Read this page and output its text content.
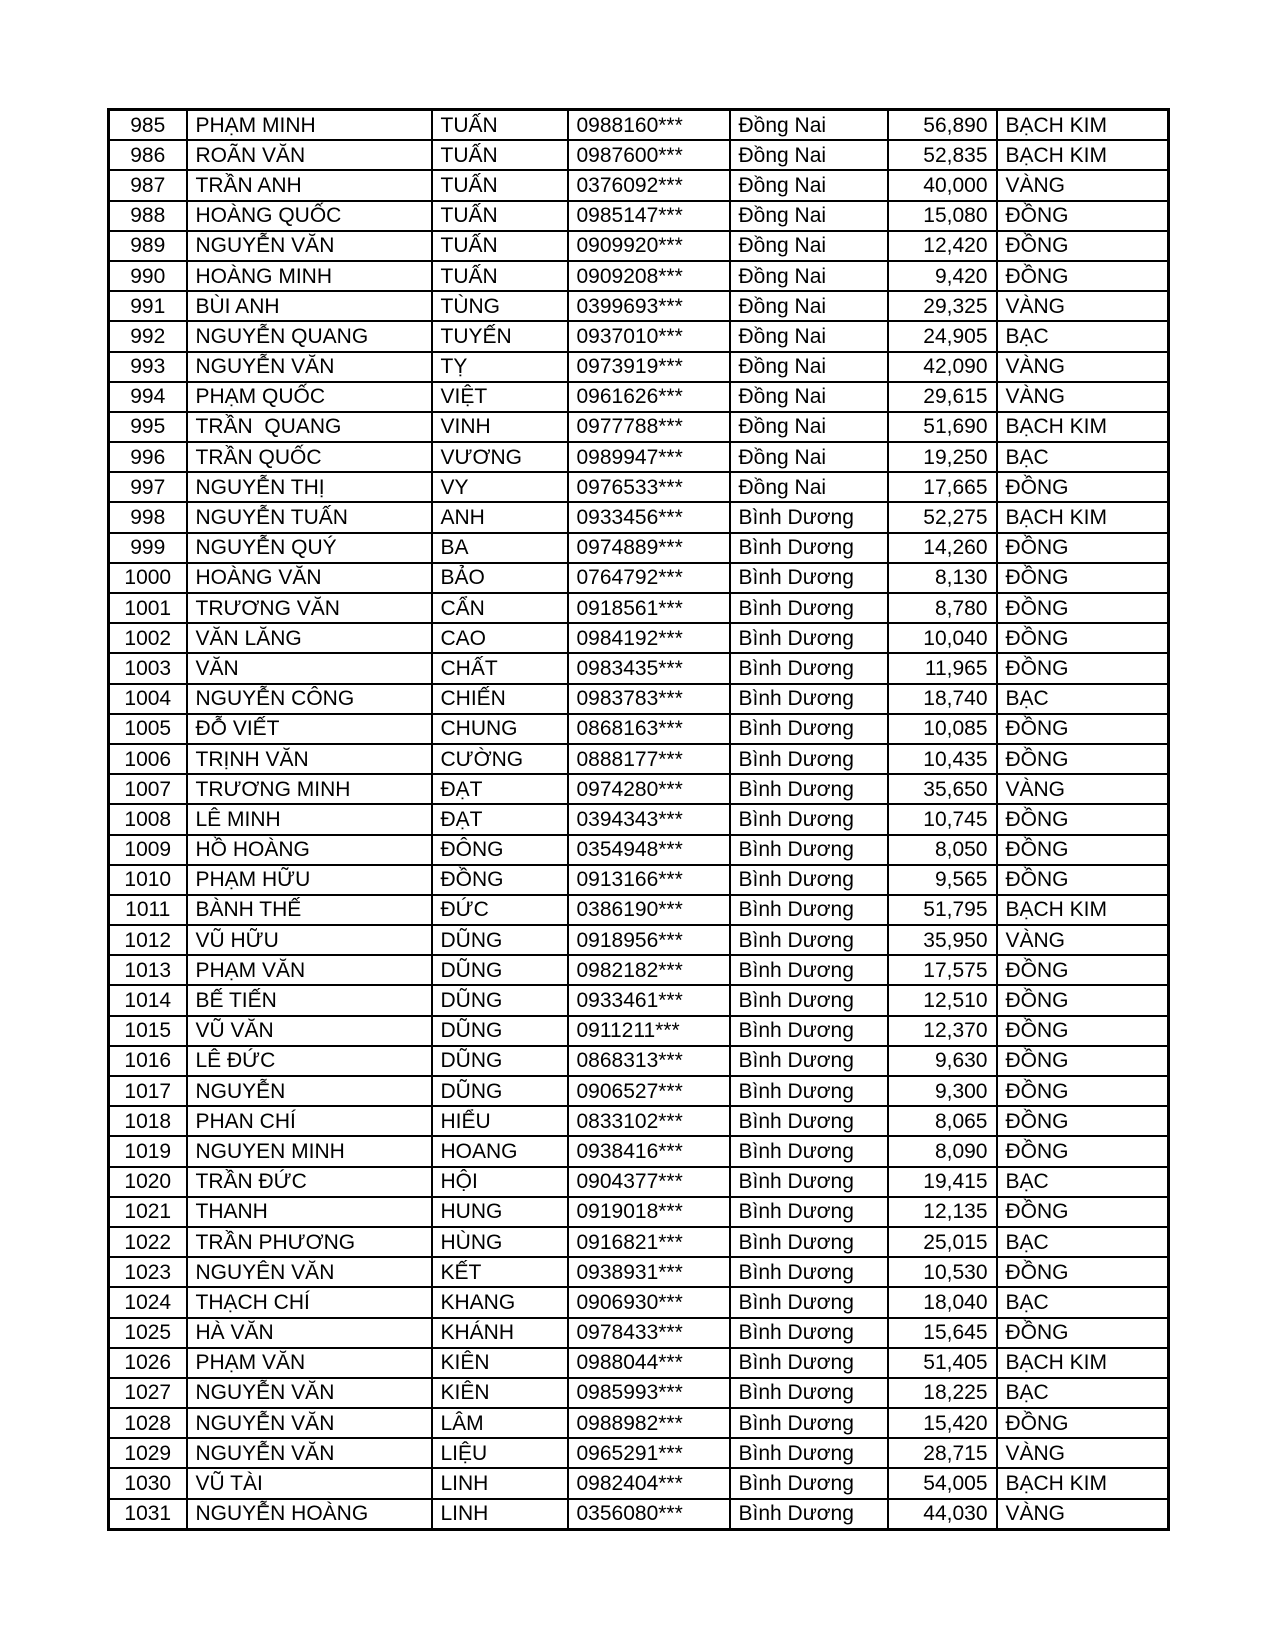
985	PHẠM MINH	TUẤN	0988160***	Đồng Nai	56,890	BẠCH KIM
986	ROÃN VĂN	TUẤN	0987600***	Đồng Nai	52,835	BẠCH KIM
987	TRẦN ANH	TUẤN	0376092***	Đồng Nai	40,000	VÀNG
988	HOÀNG QUỐC	TUẤN	0985147***	Đồng Nai	15,080	ĐỒNG
989	NGUYỄN VĂN	TUẤN	0909920***	Đồng Nai	12,420	ĐỒNG
990	HOÀNG MINH	TUẤN	0909208***	Đồng Nai	9,420	ĐỒNG
991	BÙI ANH	TÙNG	0399693***	Đồng Nai	29,325	VÀNG
992	NGUYỄN QUANG	TUYẾN	0937010***	Đồng Nai	24,905	BẠC
993	NGUYỄN VĂN	TỴ	0973919***	Đồng Nai	42,090	VÀNG
994	PHẠM QUỐC	VIỆT	0961626***	Đồng Nai	29,615	VÀNG
995	TRẦN  QUANG	VINH	0977788***	Đồng Nai	51,690	BẠCH KIM
996	TRẦN QUỐC	VƯƠNG	0989947***	Đồng Nai	19,250	BẠC
997	NGUYỄN THỊ	VY	0976533***	Đồng Nai	17,665	ĐỒNG
998	NGUYỄN TUẤN	ANH	0933456***	Bình Dương	52,275	BẠCH KIM
999	NGUYỄN QUÝ	BA	0974889***	Bình Dương	14,260	ĐỒNG
1000	HOÀNG VĂN	BẢO	0764792***	Bình Dương	8,130	ĐỒNG
1001	TRƯƠNG VĂN	CẨN	0918561***	Bình Dương	8,780	ĐỒNG
1002	VĂN LĂNG	CAO	0984192***	Bình Dương	10,040	ĐỒNG
1003	VĂN	CHẤT	0983435***	Bình Dương	11,965	ĐỒNG
1004	NGUYỄN CÔNG	CHIẾN	0983783***	Bình Dương	18,740	BẠC
1005	ĐỖ VIẾT	CHUNG	0868163***	Bình Dương	10,085	ĐỒNG
1006	TRỊNH VĂN	CƯỜNG	0888177***	Bình Dương	10,435	ĐỒNG
1007	TRƯƠNG MINH	ĐẠT	0974280***	Bình Dương	35,650	VÀNG
1008	LÊ MINH	ĐẠT	0394343***	Bình Dương	10,745	ĐỒNG
1009	HỒ HOÀNG	ĐÔNG	0354948***	Bình Dương	8,050	ĐỒNG
1010	PHẠM HỮU	ĐỒNG	0913166***	Bình Dương	9,565	ĐỒNG
1011	BÀNH THẾ	ĐỨC	0386190***	Bình Dương	51,795	BẠCH KIM
1012	VŨ HỮU	DŨNG	0918956***	Bình Dương	35,950	VÀNG
1013	PHẠM VĂN	DŨNG	0982182***	Bình Dương	17,575	ĐỒNG
1014	BẾ TIẾN	DŨNG	0933461***	Bình Dương	12,510	ĐỒNG
1015	VŨ VĂN	DŨNG	0911211***	Bình Dương	12,370	ĐỒNG
1016	LÊ ĐỨC	DŨNG	0868313***	Bình Dương	9,630	ĐỒNG
1017	NGUYỄN	DŨNG	0906527***	Bình Dương	9,300	ĐỒNG
1018	PHAN CHÍ	HIỂU	0833102***	Bình Dương	8,065	ĐỒNG
1019	NGUYEN MINH	HOANG	0938416***	Bình Dương	8,090	ĐỒNG
1020	TRẦN ĐỨC	HỘI	0904377***	Bình Dương	19,415	BẠC
1021	THANH	HUNG	0919018***	Bình Dương	12,135	ĐỒNG
1022	TRẦN PHƯƠNG	HÙNG	0916821***	Bình Dương	25,015	BẠC
1023	NGUYÊN VĂN	KẾT	0938931***	Bình Dương	10,530	ĐỒNG
1024	THẠCH CHÍ	KHANG	0906930***	Bình Dương	18,040	BẠC
1025	HÀ VĂN	KHÁNH	0978433***	Bình Dương	15,645	ĐỒNG
1026	PHẠM VĂN	KIÊN	0988044***	Bình Dương	51,405	BẠCH KIM
1027	NGUYỄN VĂN	KIÊN	0985993***	Bình Dương	18,225	BẠC
1028	NGUYỄN VĂN	LÂM	0988982***	Bình Dương	15,420	ĐỒNG
1029	NGUYỄN VĂN	LIỆU	0965291***	Bình Dương	28,715	VÀNG
1030	VŨ TÀI	LINH	0982404***	Bình Dương	54,005	BẠCH KIM
1031	NGUYỄN HOÀNG	LINH	0356080***	Bình Dương	44,030	VÀNG
